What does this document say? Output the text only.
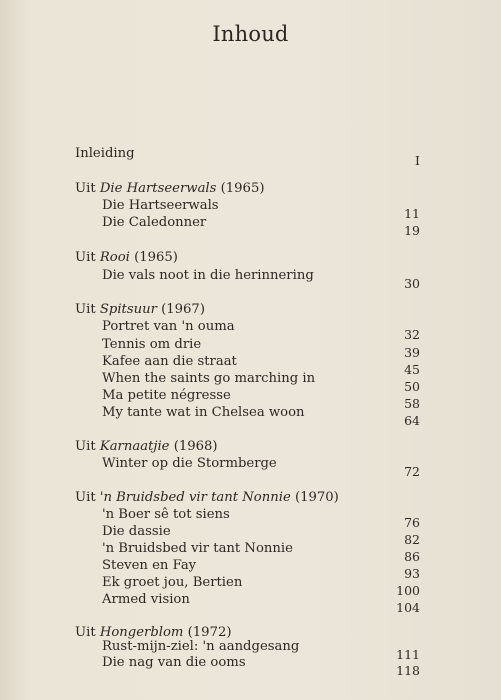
Inhoud
Inleiding	I
Uit Die Hartseerwals (1965)
Die Hartseerwals
11
Die Caledonner
19
Uit Rooi (1965)
Die vals noot in die herinnering
30
Uit Spitsuur (1967)
Portret van 'n ouma
32
Tennis om drie
39
Kafee aan die straat
45
When the saints go marching in
50
Ma petite négresse
58
My tante wat in Chelsea woon
64
Uit Karnaatjie (1968)
Winter op die Stormberge
72
Uit 'n Bruidsbed vir tant Nonnie (1970)
'n Boer sê tot siens
76
Die dassie
82
'n Bruidsbed vir tant Nonnie
86
Steven en Fay
93
Ek groet jou, Bertien
100
Armed vision
104
Uit Hongerblom (1972)
Rust-mijn-ziel: 'n aandgesang
111
Die nag van die ooms
118
